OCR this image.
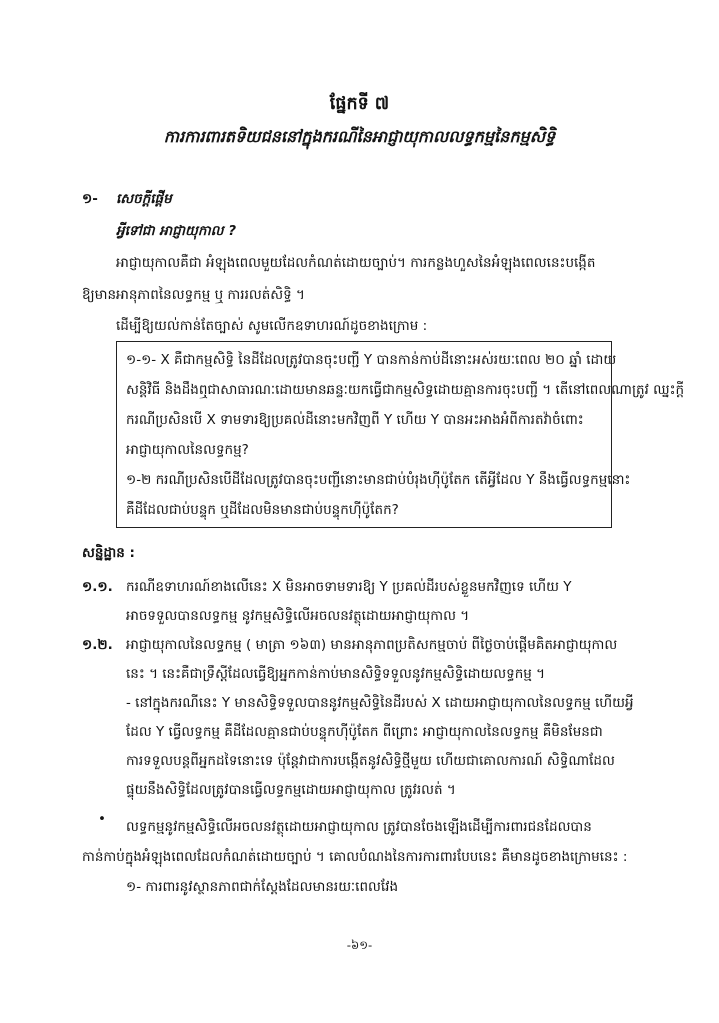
ផ្នែកទី ៧
ការការពារតទិយជននៅក្នុងករណីនៃអាជ្ញាយុកាលលទ្ធកម្មនៃកម្មសិទ្ធិ
១- សេចក្ដីផ្ដើម
អ្វីទៅជា អាជ្ញាយុកាល ?
អាជ្ញាយុកាលគឺជា អំឡុងពេលមួយដែលកំណត់ដោយច្បាប់។ ការកន្លងហួសនៃអំឡុងពេលនេះបង្កើត
ឱ្យមានអានុភាពនៃលទ្ធកម្ម ឬ ការរលត់សិទ្ធិ ។
ដើម្បីឱ្យយល់កាន់តែច្បាស់ សូមលើកឧទាហរណ៍ដូចខាងក្រោម :
១-១- X គឺជាកម្មសិទ្ធិ នៃដីដែលត្រូវបានចុះបញ្ជី Y បានកាន់កាប់ដីនោះអស់រយៈពេល ២០ ឆ្នាំ ដោយ
សន្តិវិធី និងដឹងឮជាសាធារណៈដោយមានឆន្ទៈយកធ្វើជាកម្មសិទ្ធដោយគ្មានការចុះបញ្ជី ។ តើនៅពេលណាត្រូវ ឈ្នះក្ដី
ករណីប្រសិនបើ X ទាមទារឱ្យប្រគល់ដីនោះមកវិញពី Y ហើយ Y បានអះអាងអំពីការតវ៉ាចំពោះ
អាជ្ញាយុកាលនៃលទ្ធកម្ម?
១-២ ករណីប្រសិនបើដីដែលត្រូវបានចុះបញ្ជីនោះមានជាប់បំរុងហ៊ីប៉ូតែក តើអ្វីដែល Y នឹងធ្វើលទ្ធកម្មនោះ
គឺដីដែលជាប់បន្ទុក ឬដីដែលមិនមានជាប់បន្ទុកហ៊ីប៉ូតែក?
សន្និដ្ឋាន :
១.១. ករណីឧទាហរណ៍ខាងលើនេះ X មិនអាចទាមទារឱ្យ Y ប្រគល់ដីរបស់ខ្លួនមកវិញទេ ហើយ Y
អាចទទួលបានលទ្ធកម្ម នូវកម្មសិទ្ធិលើអចលនវត្ថុដោយអាជ្ញាយុកាល ។
១.២. អាជ្ញាយុកាលនៃលទ្ធកម្ម ( មាត្រា ១៦៣) មានអានុភាពប្រតិសកម្មចាប់ ពីថ្ងៃចាប់ផ្ដើមគិតអាជ្ញាយុកាល
នេះ ។ នេះគឺជាទ្រឹស្ដីដែលធ្វើឱ្យអ្នកកាន់កាប់មានសិទ្ធិទទួលនូវកម្មសិទ្ធិដោយលទ្ធកម្ម ។
- នៅក្នុងករណីនេះ Y មានសិទ្ធិទទួលបាននូវកម្មសិទ្ធិនៃដីរបស់ X ដោយអាជ្ញាយុកាលនៃលទ្ធកម្ម ហើយអ្វី
ដែល Y ធ្វើលទ្ធកម្ម គឺដីដែលគ្មានជាប់បន្ទុកហ៊ីប៉ូតែក ពីព្រោះ អាជ្ញាយុកាលនៃលទ្ធកម្ម គឺមិនមែនជា
ការទទួលបន្តពីអ្នកដទៃនោះទេ ប៉ុន្តែវាជាការបង្កើតនូវសិទ្ធិថ្មីមួយ ហើយជាគោលការណ៍ សិទ្ធិណាដែល
ផ្ទុយនឹងសិទ្ធិដែលត្រូវបានធ្វើលទ្ធកម្មដោយអាជ្ញាយុកាល ត្រូវរលត់ ។
• លទ្ធកម្មនូវកម្មសិទ្ធិលើអចលនវត្ថុដោយអាជ្ញាយុកាល ត្រូវបានចែងឡើងដើម្បីការពារជនដែលបាន
កាន់កាប់ក្នុងអំឡុងពេលដែលកំណត់ដោយច្បាប់ ។ គោលបំណងនៃការការពារបែបនេះ គឺមានដូចខាងក្រោមនេះ :
១- ការពារនូវស្ថានភាពជាក់ស្ដែងដែលមានរយៈពេលវែង
-៦១-
